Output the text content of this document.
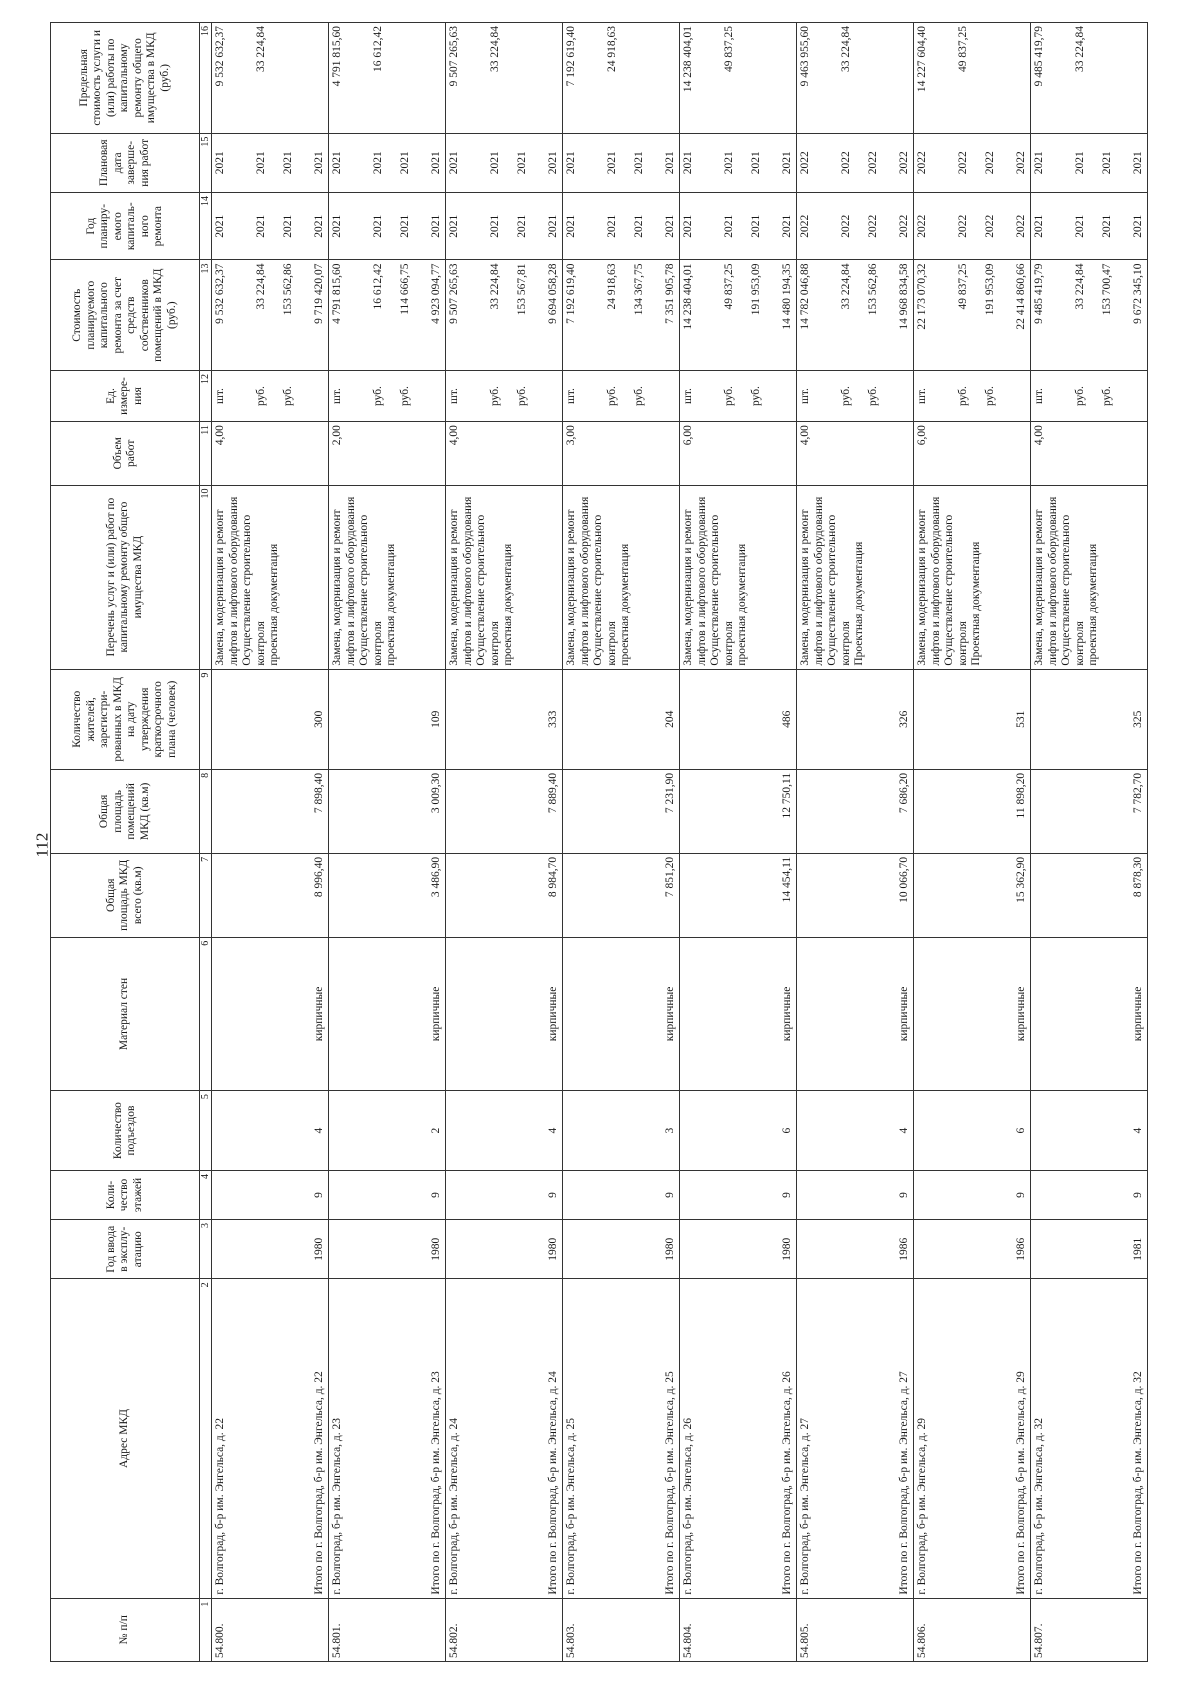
112
№ п/п	Адрес МКД	Год ввода в эксплу-атацию	Коли-чество этажей	Количество подъездов	Материал стен	Общая площадь МКД всего (кв.м)	Общая площадь помещений МКД (кв.м)	Количество жителей, зарегистри-рованных в МКД на дату утверждения краткосрочного плана (человек)	Перечень услуг и (или) работ по капитальному ремонту общего имущества МКД	Объем работ	Ед. измере-ния	Стоимость планируемого капитального ремонта за счет средств собственников помещений в МКД (руб.)	Год планиру-емого капиталь-ного ремонта	Плановая дата заверше-ния работ	Предельная стоимость услуги и (или) работы по капитальному ремонту общего имущества в МКД (руб.)
1	2	3	4	5	6	7	8	9	10	11	12	13	14	15	16
54.800.	г. Волгоград, б-р им. Энгельса, д. 22								Замена, модернизация и ремонт лифтов и лифтового оборудования Осуществление строительного контроля проектная документация	4,00	шт. руб. руб.	9 532 632,37 33 224,84 153 562,86	2021 2021 2021	2021 2021 2021	9 532 632,37 33 224,84

	Итого по г. Волгоград, б-р им. Энгельса, д. 22	1980	9	4	кирпичные	8 996,40	7 898,40	300				9 719 420,07	2021	2021	
54.801.	г. Волгоград, б-р им. Энгельса, д. 23								Замена, модернизация и ремонт лифтов и лифтового оборудования Осуществление строительного контроля проектная документация	2,00	шт. руб. руб.	4 791 815,60 16 612,42 114 666,75	2021 2021 2021	2021 2021 2021	4 791 815,60 16 612,42

	Итого по г. Волгоград, б-р им. Энгельса, д. 23	1980	9	2	кирпичные	3 486,90	3 009,30	109				4 923 094,77	2021	2021	
54.802.	г. Волгоград, б-р им. Энгельса, д. 24								Замена, модернизация и ремонт лифтов и лифтового оборудования Осуществление строительного контроля проектная документация	4,00	шт. руб. руб.	9 507 265,63 33 224,84 153 567,81	2021 2021 2021	2021 2021 2021	9 507 265,63 33 224,84

	Итого по г. Волгоград, б-р им. Энгельса, д. 24	1980	9	4	кирпичные	8 984,70	7 889,40	333				9 694 058,28	2021	2021	
54.803.	г. Волгоград, б-р им. Энгельса, д. 25								Замена, модернизация и ремонт лифтов и лифтового оборудования Осуществление строительного контроля проектная документация	3,00	шт. руб. руб.	7 192 619,40 24 918,63 134 367,75	2021 2021 2021	2021 2021 2021	7 192 619,40 24 918,63

	Итого по г. Волгоград, б-р им. Энгельса, д. 25	1980	9	3	кирпичные	7 851,20	7 231,90	204				7 351 905,78	2021	2021	
54.804.	г. Волгоград, б-р им. Энгельса, д. 26								Замена, модернизация и ремонт лифтов и лифтового оборудования Осуществление строительного контроля проектная документация	6,00	шт. руб. руб.	14 238 404,01 49 837,25 191 953,09	2021 2021 2021	2021 2021 2021	14 238 404,01 49 837,25

	Итого по г. Волгоград, б-р им. Энгельса, д. 26	1980	9	6	кирпичные	14 454,11	12 750,11	486				14 480 194,35	2021	2021	
54.805.	г. Волгоград, б-р им. Энгельса, д. 27								Замена, модернизация и ремонт лифтов и лифтового оборудования Осуществление строительного контроля Проектная документация	4,00	шт. руб. руб.	14 782 046,88 33 224,84 153 562,86	2022 2022 2022	2022 2022 2022	9 463 955,60 33 224,84

	Итого по г. Волгоград, б-р им. Энгельса, д. 27	1986	9	4	кирпичные	10 066,70	7 686,20	326				14 968 834,58	2022	2022	
54.806.	г. Волгоград, б-р им. Энгельса, д. 29								Замена, модернизация и ремонт лифтов и лифтового оборудования Осуществление строительного контроля Проектная документация	6,00	шт. руб. руб.	22 173 070,32 49 837,25 191 953,09	2022 2022 2022	2022 2022 2022	14 227 604,40 49 837,25

	Итого по г. Волгоград, б-р им. Энгельса, д. 29	1986	9	6	кирпичные	15 362,90	11 898,20	531				22 414 860,66	2022	2022	
54.807.	г. Волгоград, б-р им. Энгельса, д. 32								Замена, модернизация и ремонт лифтов и лифтового оборудования Осуществление строительного контроля проектная документация	4,00	шт. руб. руб.	9 485 419,79 33 224,84 153 700,47	2021 2021 2021	2021 2021 2021	9 485 419,79 33 224,84

	Итого по г. Волгоград, б-р им. Энгельса, д. 32	1981	9	4	кирпичные	8 878,30	7 782,70	325				9 672 345,10	2021	2021	
